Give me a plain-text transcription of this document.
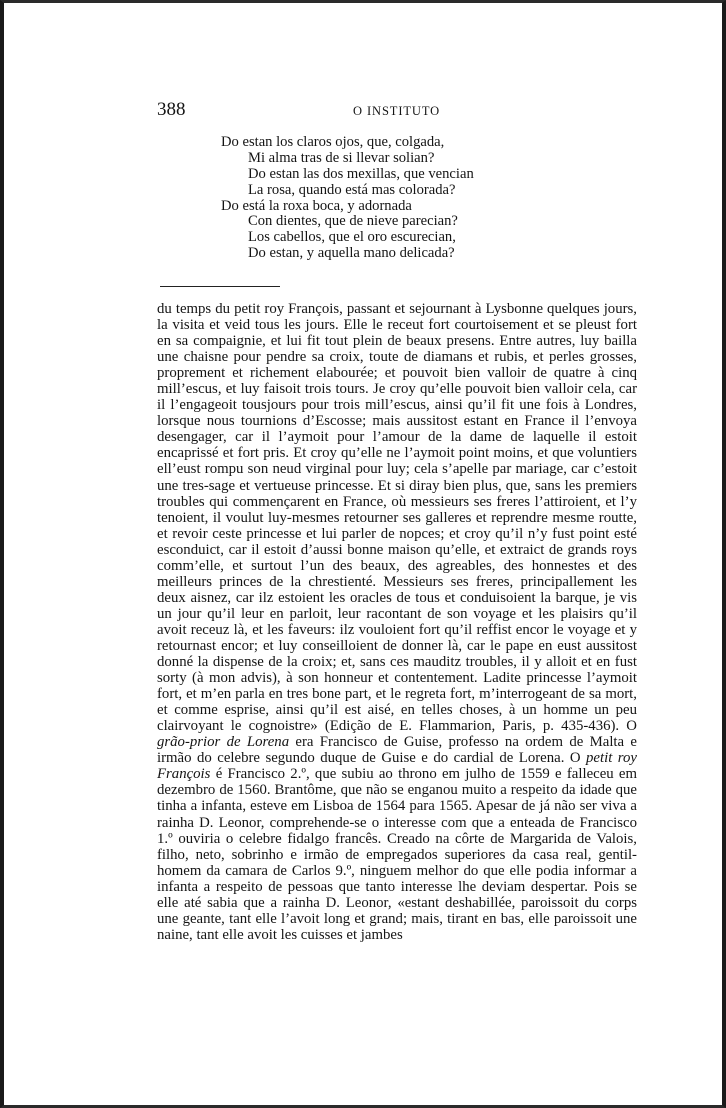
388	O INSTITUTO
Do estan los claros ojos, que, colgada,
Mi alma tras de si llevar solian?
Do estan las dos mexillas, que vencian
La rosa, quando está mas colorada?
Do está la roxa boca, y adornada
Con dientes, que de nieve parecian?
Los cabellos, que el oro escurecian,
Do estan, y aquella mano delicada?
du temps du petit roy François, passant et sejournant à Lysbonne quelques jours, la visita et veid tous les jours. Elle le receut fort courtoisement et se pleust fort en sa compaignie, et lui fit tout plein de beaux presens. Entre autres, luy bailla une chaisne pour pendre sa croix, toute de diamans et rubis, et perles grosses, proprement et richement elabourée; et pouvoit bien valloir de quatre à cinq mill’escus, et luy faisoit trois tours. Je croy qu’elle pouvoit bien valloir cela, car il l’engageoit tousjours pour trois mill’escus, ainsi qu’il fit une fois à Londres, lorsque nous tournions d’Escosse; mais aussitost estant en France il l’envoya desengager, car il l’aymoit pour l’amour de la dame de laquelle il estoit encaprissé et fort pris. Et croy qu’elle ne l’aymoit point moins, et que voluntiers ell’eust rompu son neud virginal pour luy; cela s’apelle par mariage, car c’estoit une tres-sage et vertueuse princesse. Et si diray bien plus, que, sans les premiers troubles qui commençarent en France, où messieurs ses freres l’attiroient, et l’y tenoient, il voulut luy-mesmes retourner ses galleres et reprendre mesme routte, et revoir ceste princesse et lui parler de nopces; et croy qu’il n’y fust point esté esconduict, car il estoit d’aussi bonne maison qu’elle, et extraict de grands roys comm’elle, et surtout l’un des beaux, des agreables, des honnestes et des meilleurs princes de la chrestienté. Messieurs ses freres, principallement les deux aisnez, car ilz estoient les oracles de tous et conduisoient la barque, je vis un jour qu’il leur en parloit, leur racontant de son voyage et les plaisirs qu’il avoit receuz là, et les faveurs: ilz vouloient fort qu’il reffist encor le voyage et y retournast encor; et luy conseilloient de donner là, car le pape en eust aussitost donné la dispense de la croix; et, sans ces mauditz troubles, il y alloit et en fust sorty (à mon advis), à son honneur et contentement. Ladite princesse l’aymoit fort, et m’en parla en tres bone part, et le regreta fort, m’interrogeant de sa mort, et comme esprise, ainsi qu’il est aisé, en telles choses, à un homme un peu clairvoyant le cognoistre» (Edição de E. Flammarion, Paris, p. 435-436). O grão-prior de Lorena era Francisco de Guise, professo na ordem de Malta e irmão do celebre segundo duque de Guise e do cardial de Lorena. O petit roy François é Francisco 2.º, que subiu ao throno em julho de 1559 e falleceu em dezembro de 1560. Brantôme, que não se enganou muito a respeito da idade que tinha a infanta, esteve em Lisboa de 1564 para 1565. Apesar de já não ser viva a rainha D. Leonor, comprehende-se o interesse com que a enteada de Francisco 1.º ouviria o celebre fidalgo francês. Creado na côrte de Margarida de Valois, filho, neto, sobrinho e irmão de empregados superiores da casa real, gentil-homem da camara de Carlos 9.º, ninguem melhor do que elle podia informar a infanta a respeito de pessoas que tanto interesse lhe deviam despertar. Pois se elle até sabia que a rainha D. Leonor, «estant deshabillée, paroissoit du corps une geante, tant elle l’avoit long et grand; mais, tirant en bas, elle paroissoit une naine, tant elle avoit les cuisses et jambes
